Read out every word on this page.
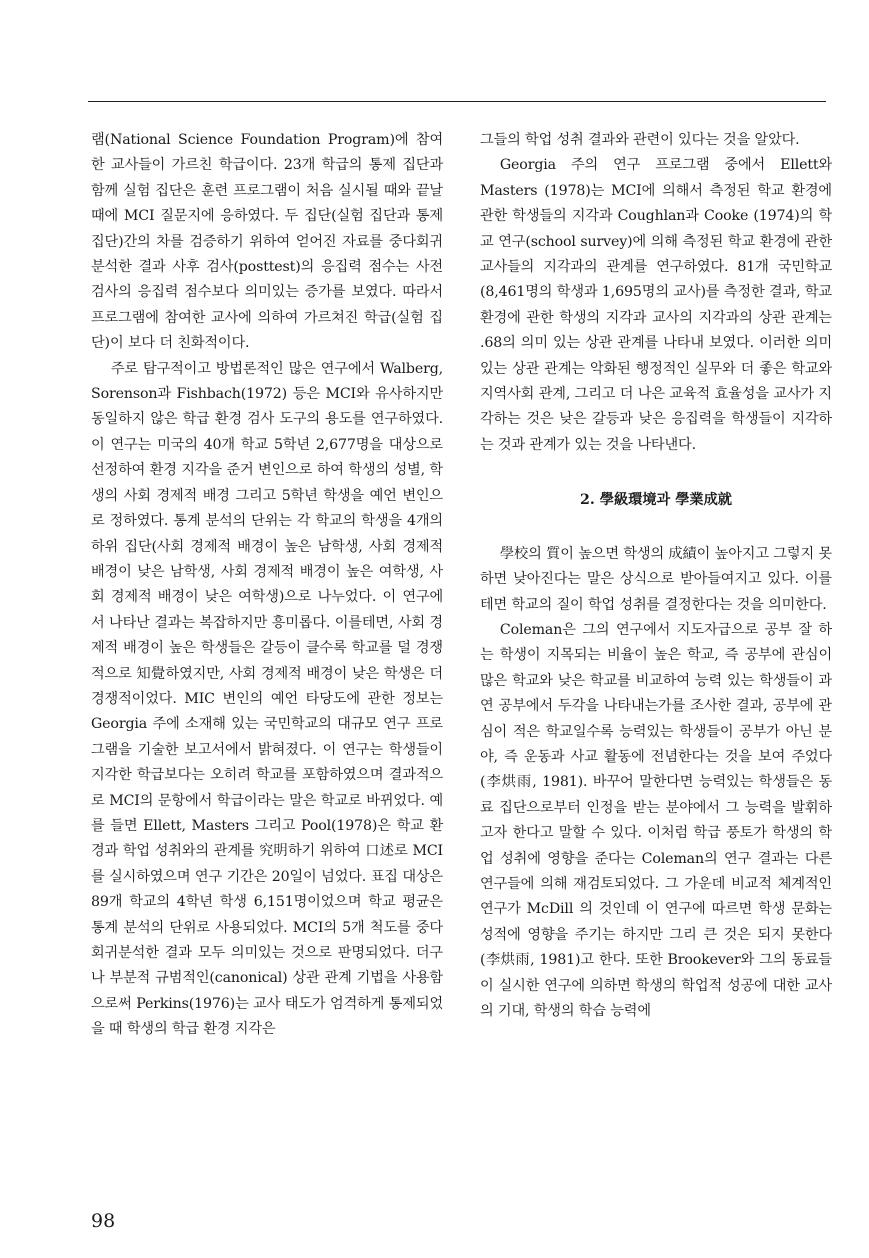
램(National Science Foundation Program)에 참여한 교사들이 가르친 학급이다. 23개 학급의 통제 집단과 함께 실험 집단은 훈련 프로그램이 처음 실시될 때와 끝날 때에 MCI 질문지에 응하였다. 두 집단(실험 집단과 통제 집단)간의 차를 검증하기 위하여 얻어진 자료를 중다회귀분석한 결과 사후 검사(posttest)의 응집력 점수는 사전 검사의 응집력 점수보다 의미있는 증가를 보였다. 따라서 프로그램에 참여한 교사에 의하여 가르쳐진 학급(실험 집단)이 보다 더 친화적이다.

주로 탐구적이고 방법론적인 많은 연구에서 Walberg, Sorenson과 Fishbach(1972) 등은 MCI와 유사하지만 동일하지 않은 학급 환경 검사 도구의 용도를 연구하였다. 이 연구는 미국의 40개 학교 5학년 2,677명을 대상으로 선정하여 환경 지각을 준거 변인으로 하여 학생의 성별, 학생의 사회 경제적 배경 그리고 5학년 학생을 예언 변인으로 정하였다. 통계 분석의 단위는 각 학교의 학생을 4개의 하위 집단(사회 경제적 배경이 높은 남학생, 사회 경제적 배경이 낮은 남학생, 사회 경제적 배경이 높은 여학생, 사회 경제적 배경이 낮은 여학생)으로 나누었다. 이 연구에서 나타난 결과는 복잡하지만 흥미롭다. 이를테면, 사회 경제적 배경이 높은 학생들은 갈등이 클수록 학교를 덜 경쟁적으로 知覺하였지만, 사회 경제적 배경이 낮은 학생은 더 경쟁적이었다. MIC 변인의 예언 타당도에 관한 정보는 Georgia 주에 소재해 있는 국민학교의 대규모 연구 프로그램을 기술한 보고서에서 밝혀졌다. 이 연구는 학생들이 지각한 학급보다는 오히려 학교를 포함하였으며 결과적으로 MCI의 문항에서 학급이라는 말은 학교로 바뀌었다. 예를 들면 Ellett, Masters 그리고 Pool(1978)은 학교 환경과 학업 성취와의 관계를 究明하기 위하여 口述로 MCI를 실시하였으며 연구 기간은 20일이 넘었다. 표집 대상은 89개 학교의 4학년 학생 6,151명이었으며 학교 평균은 통계 분석의 단위로 사용되었다. MCI의 5개 척도를 중다회귀분석한 결과 모두 의미있는 것으로 판명되었다. 더구나 부분적 규범적인(canonical) 상관 관계 기법을 사용함으로써 Perkins(1976)는 교사 태도가 엄격하게 통제되었을 때 학생의 학급 환경 지각은

그들의 학업 성취 결과와 관련이 있다는 것을 알았다.

Georgia 주의 연구 프로그램 중에서 Ellett와 Masters (1978)는 MCI에 의해서 측정된 학교 환경에 관한 학생들의 지각과 Coughlan과 Cooke (1974)의 학교 연구(school survey)에 의해 측정된 학교 환경에 관한 교사들의 지각과의 관계를 연구하였다. 81개 국민학교(8,461명의 학생과 1,695명의 교사)를 측정한 결과, 학교 환경에 관한 학생의 지각과 교사의 지각과의 상관 관계는 .68의 의미 있는 상관 관계를 나타내 보였다. 이러한 의미 있는 상관 관계는 악화된 행정적인 실무와 더 좋은 학교와 지역사회 관계, 그리고 더 나은 교육적 효율성을 교사가 지각하는 것은 낮은 갈등과 낮은 응집력을 학생들이 지각하는 것과 관계가 있는 것을 나타낸다.

2. 學級環境과 學業成就

學校의 質이 높으면 학생의 成績이 높아지고 그렇지 못하면 낮아진다는 말은 상식으로 받아들여지고 있다. 이를테면 학교의 질이 학업 성취를 결정한다는 것을 의미한다.

Coleman은 그의 연구에서 지도자급으로 공부 잘 하는 학생이 지목되는 비율이 높은 학교, 즉 공부에 관심이 많은 학교와 낮은 학교를 비교하여 능력 있는 학생들이 과연 공부에서 두각을 나타내는가를 조사한 결과, 공부에 관심이 적은 학교일수록 능력있는 학생들이 공부가 아닌 분야, 즉 운동과 사교 활동에 전념한다는 것을 보여 주었다(李烘雨, 1981). 바꾸어 말한다면 능력있는 학생들은 동료 집단으로부터 인정을 받는 분야에서 그 능력을 발휘하고자 한다고 말할 수 있다. 이처럼 학급 풍토가 학생의 학업 성취에 영향을 준다는 Coleman의 연구 결과는 다른 연구들에 의해 재검토되었다. 그 가운데 비교적 체계적인 연구가 McDill 의 것인데 이 연구에 따르면 학생 문화는 성적에 영향을 주기는 하지만 그리 큰 것은 되지 못한다(李烘雨, 1981)고 한다. 또한 Brookever와 그의 동료들이 실시한 연구에 의하면 학생의 학업적 성공에 대한 교사의 기대, 학생의 학습 능력에

98
